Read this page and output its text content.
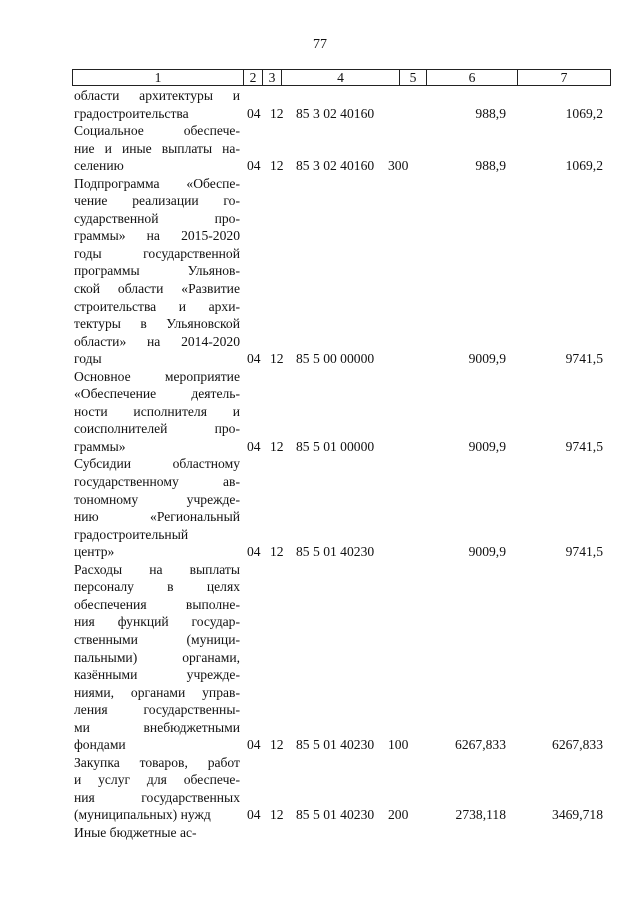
77
1	2	3	4	5	6	7
области архитектуры и
градостроительства	04 12 85 3 02 40160	988,9	1069,2
Социальное обеспече-
ние и иные выплаты на-
селению	04 12 85 3 02 40160 300	988,9	1069,2
Подпрограмма «Обеспе-
чение реализации го-
сударственной про-
граммы» на 2015-2020
годы государственной
программы Ульянов-
ской области «Развитие
строительства и архи-
тектуры в Ульяновской
области» на 2014-2020
годы	04 12 85 5 00 00000	9009,9	9741,5
Основное мероприятие
«Обеспечение деятель-
ности исполнителя и
соисполнителей про-
граммы»	04 12 85 5 01 00000	9009,9	9741,5
Субсидии областному
государственному ав-
тономному учрежде-
нию «Региональный
градостроительный
центр»	04 12 85 5 01 40230	9009,9	9741,5
Расходы на выплаты
персоналу в целях
обеспечения выполне-
ния функций государ-
ственными (муници-
пальными) органами,
казёнными учрежде-
ниями, органами управ-
ления государственны-
ми внебюджетными
фондами	04 12 85 5 01 40230 100	6267,833	6267,833
Закупка товаров, работ
и услуг для обеспече-
ния государственных
(муниципальных) нужд	04 12 85 5 01 40230 200	2738,118	3469,718
Иные бюджетные ас-
